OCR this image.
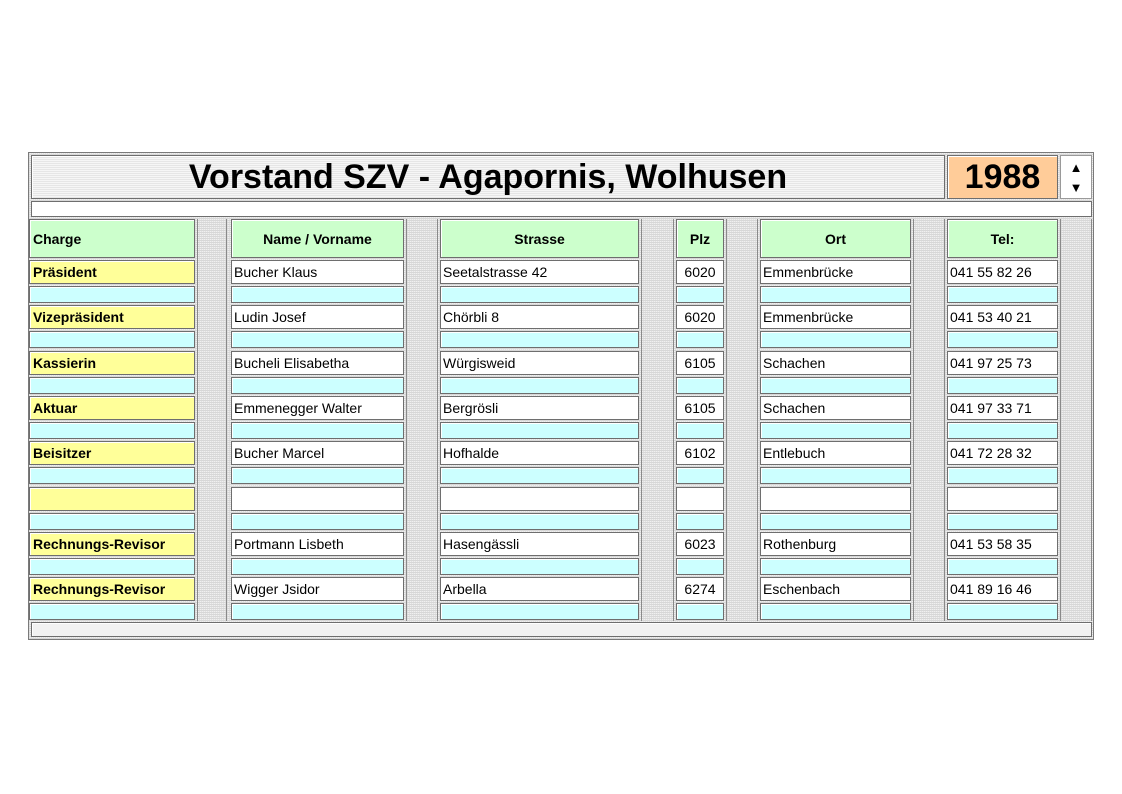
Vorstand SZV - Agapornis, Wolhusen	1988	▲
▼
Charge	Name / Vorname	Strasse	Plz	Ort	Tel:
Präsident	Bucher Klaus	Seetalstrasse 42	6020	Emmenbrücke	041 55 82 26
Vizepräsident	Ludin Josef	Chörbli 8	6020	Emmenbrücke	041 53 40 21
Kassierin	Bucheli Elisabetha	Würgisweid	6105	Schachen	041 97 25 73
Aktuar	Emmenegger Walter	Bergrösli	6105	Schachen	041 97 33 71
Beisitzer	Bucher Marcel	Hofhalde	6102	Entlebuch	041 72 28 32
Rechnungs-Revisor	Portmann Lisbeth	Hasengässli	6023	Rothenburg	041 53 58 35
Rechnungs-Revisor	Wigger Jsidor	Arbella	6274	Eschenbach	041 89 16 46
